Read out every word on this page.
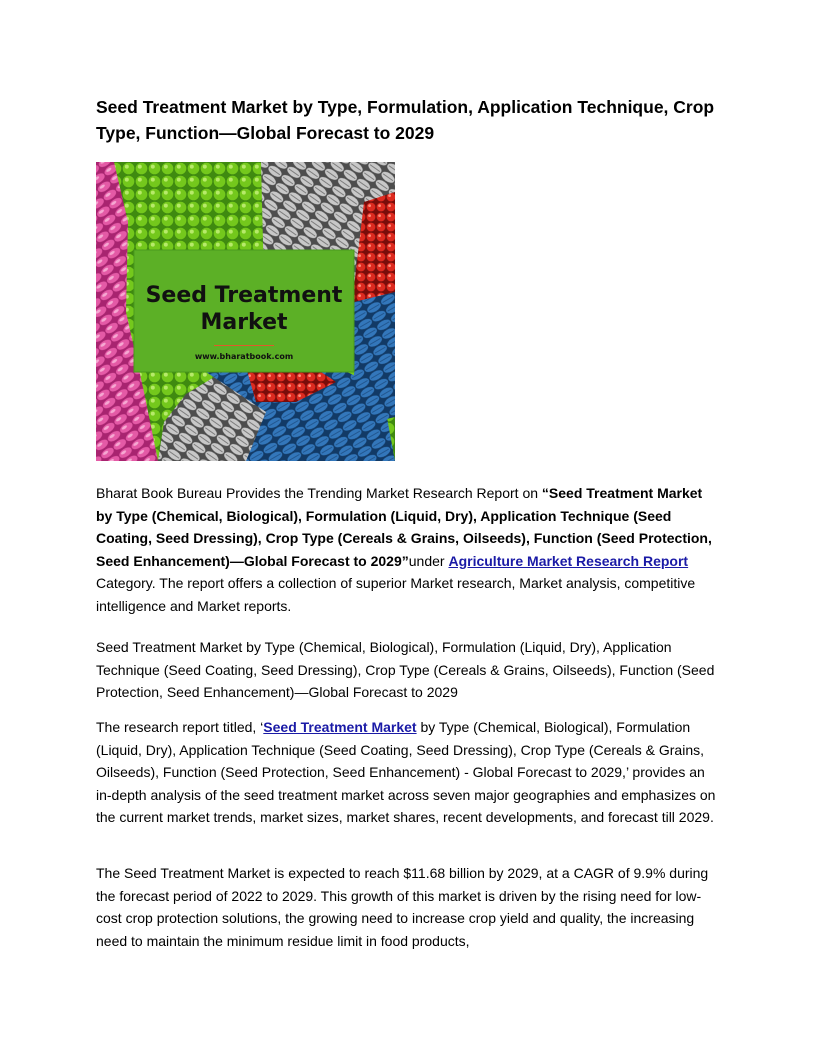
Seed Treatment Market by Type, Formulation, Application Technique, Crop Type, Function—Global Forecast to 2029
Seed Treatment
Market
www.bharatbook.com

Bharat Book Bureau Provides the Trending Market Research Report on “Seed Treatment Market by Type (Chemical, Biological), Formulation (Liquid, Dry), Application Technique (Seed Coating, Seed Dressing), Crop Type (Cereals & Grains, Oilseeds), Function (Seed Protection, Seed Enhancement)—Global Forecast to 2029”under Agriculture Market Research Report Category. The report offers a collection of superior Market research, Market analysis, competitive intelligence and Market reports.

Seed Treatment Market by Type (Chemical, Biological), Formulation (Liquid, Dry), Application Technique (Seed Coating, Seed Dressing), Crop Type (Cereals & Grains, Oilseeds), Function (Seed Protection, Seed Enhancement)—Global Forecast to 2029

The research report titled, ‘Seed Treatment Market by Type (Chemical, Biological), Formulation (Liquid, Dry), Application Technique (Seed Coating, Seed Dressing), Crop Type (Cereals & Grains, Oilseeds), Function (Seed Protection, Seed Enhancement) - Global Forecast to 2029,’ provides an in-depth analysis of the seed treatment market across seven major geographies and emphasizes on the current market trends, market sizes, market shares, recent developments, and forecast till 2029.

The Seed Treatment Market is expected to reach $11.68 billion by 2029, at a CAGR of 9.9% during the forecast period of 2022 to 2029. This growth of this market is driven by the rising need for low-cost crop protection solutions, the growing need to increase crop yield and quality, the increasing need to maintain the minimum residue limit in food products,
